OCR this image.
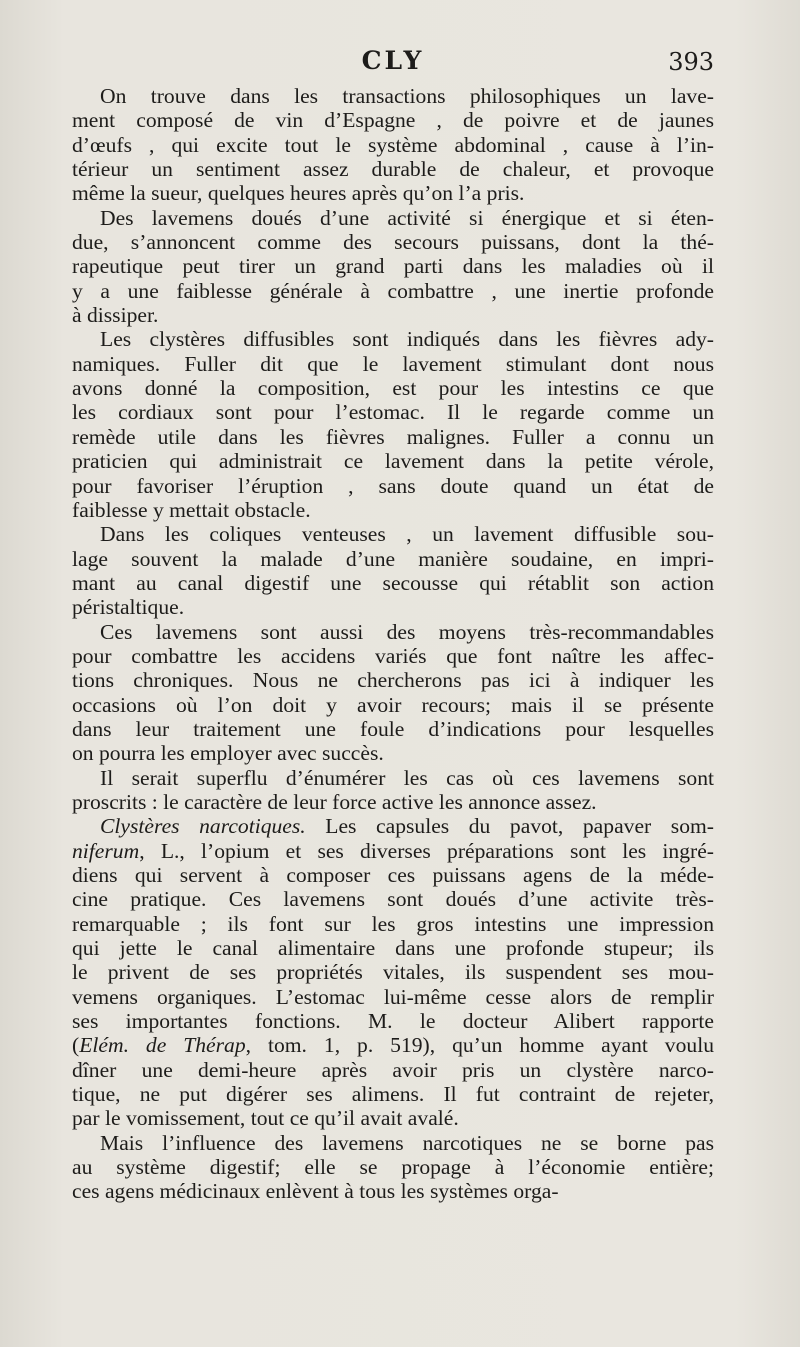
CLY	393
On trouve dans les transactions philosophiques un lave-
ment composé de vin d’Espagne , de poivre et de jaunes
d’œufs , qui excite tout le système abdominal , cause à l’in-
térieur un sentiment assez durable de chaleur, et provoque
même la sueur, quelques heures après qu’on l’a pris.
Des lavemens doués d’une activité si énergique et si éten-
due, s’annoncent comme des secours puissans, dont la thé-
rapeutique peut tirer un grand parti dans les maladies où il
y a une faiblesse générale à combattre , une inertie profonde
à dissiper.
Les clystères diffusibles sont indiqués dans les fièvres ady-
namiques. Fuller dit que le lavement stimulant dont nous
avons donné la composition, est pour les intestins ce que
les cordiaux sont pour l’estomac. Il le regarde comme un
remède utile dans les fièvres malignes. Fuller a connu un
praticien qui administrait ce lavement dans la petite vérole,
pour favoriser l’éruption , sans doute quand un état de
faiblesse y mettait obstacle.
Dans les coliques venteuses , un lavement diffusible sou-
lage souvent la malade d’une manière soudaine, en impri-
mant au canal digestif une secousse qui rétablit son action
péristaltique.
Ces lavemens sont aussi des moyens très-recommandables
pour combattre les accidens variés que font naître les affec-
tions chroniques. Nous ne chercherons pas ici à indiquer les
occasions où l’on doit y avoir recours; mais il se présente
dans leur traitement une foule d’indications pour lesquelles
on pourra les employer avec succès.
Il serait superflu d’énumérer les cas où ces lavemens sont
proscrits : le caractère de leur force active les annonce assez.
Clystères narcotiques. Les capsules du pavot, papaver som-
niferum, L., l’opium et ses diverses préparations sont les ingré-
diens qui servent à composer ces puissans agens de la méde-
cine pratique. Ces lavemens sont doués d’une activite très-
remarquable ; ils font sur les gros intestins une impression
qui jette le canal alimentaire dans une profonde stupeur; ils
le privent de ses propriétés vitales, ils suspendent ses mou-
vemens organiques. L’estomac lui-même cesse alors de remplir
ses importantes fonctions. M. le docteur Alibert rapporte
(Elém. de Thérap, tom. 1, p. 519), qu’un homme ayant voulu
dîner une demi-heure après avoir pris un clystère narco-
tique, ne put digérer ses alimens. Il fut contraint de rejeter,
par le vomissement, tout ce qu’il avait avalé.
Mais l’influence des lavemens narcotiques ne se borne pas
au système digestif; elle se propage à l’économie entière;
ces agens médicinaux enlèvent à tous les systèmes orga-
